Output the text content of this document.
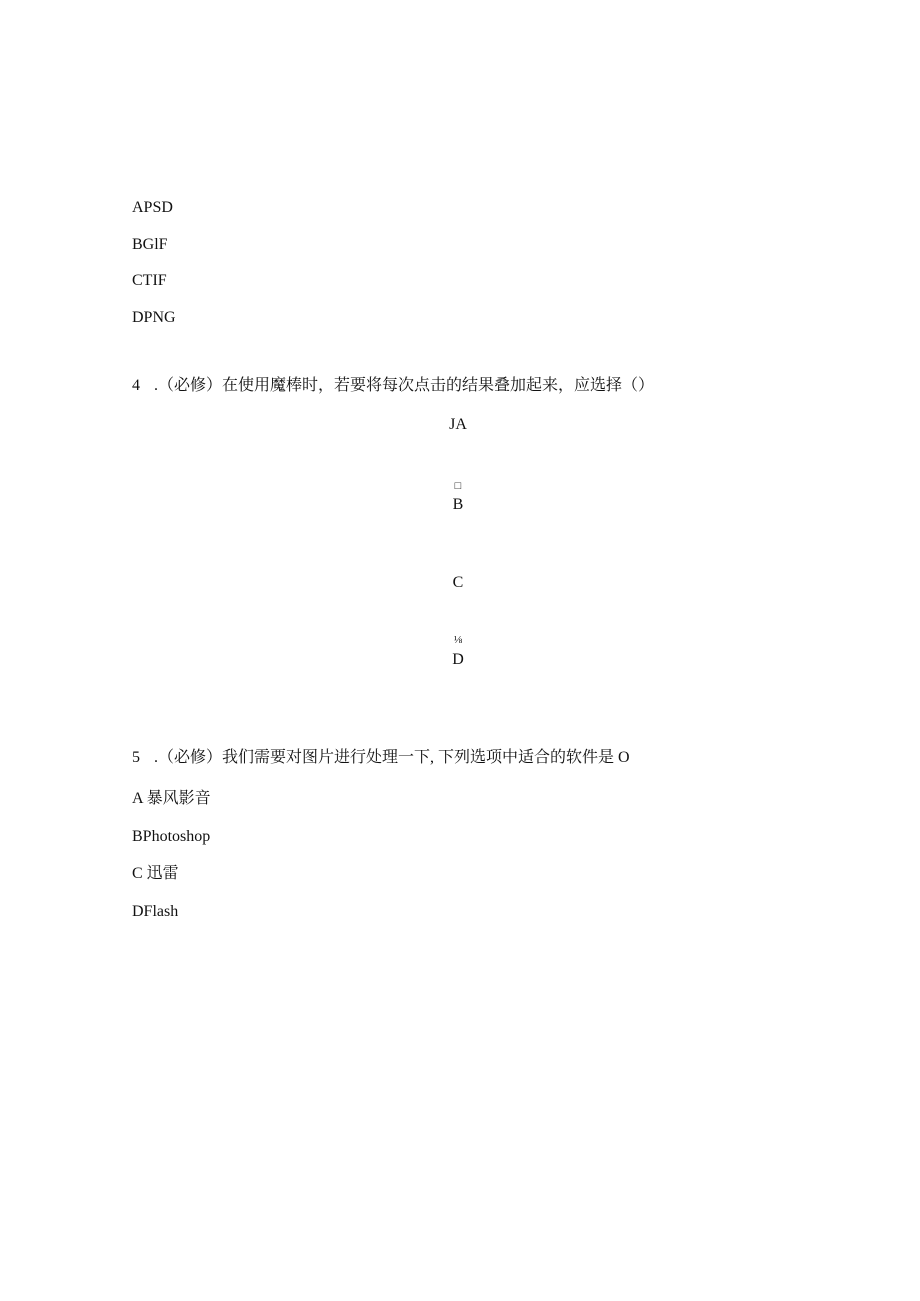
APSD

BGlF

CTIF

DPNG

4 .（必修）在使用魔棒时，若要将每次点击的结果叠加起来，应选择（）

JA

□

B

C

⅛

D

5 .（必修）我们需要对图片进行处理一下, 下列选项中适合的软件是 O

A 暴风影音

BPhotoshop

C 迅雷

DFlash
